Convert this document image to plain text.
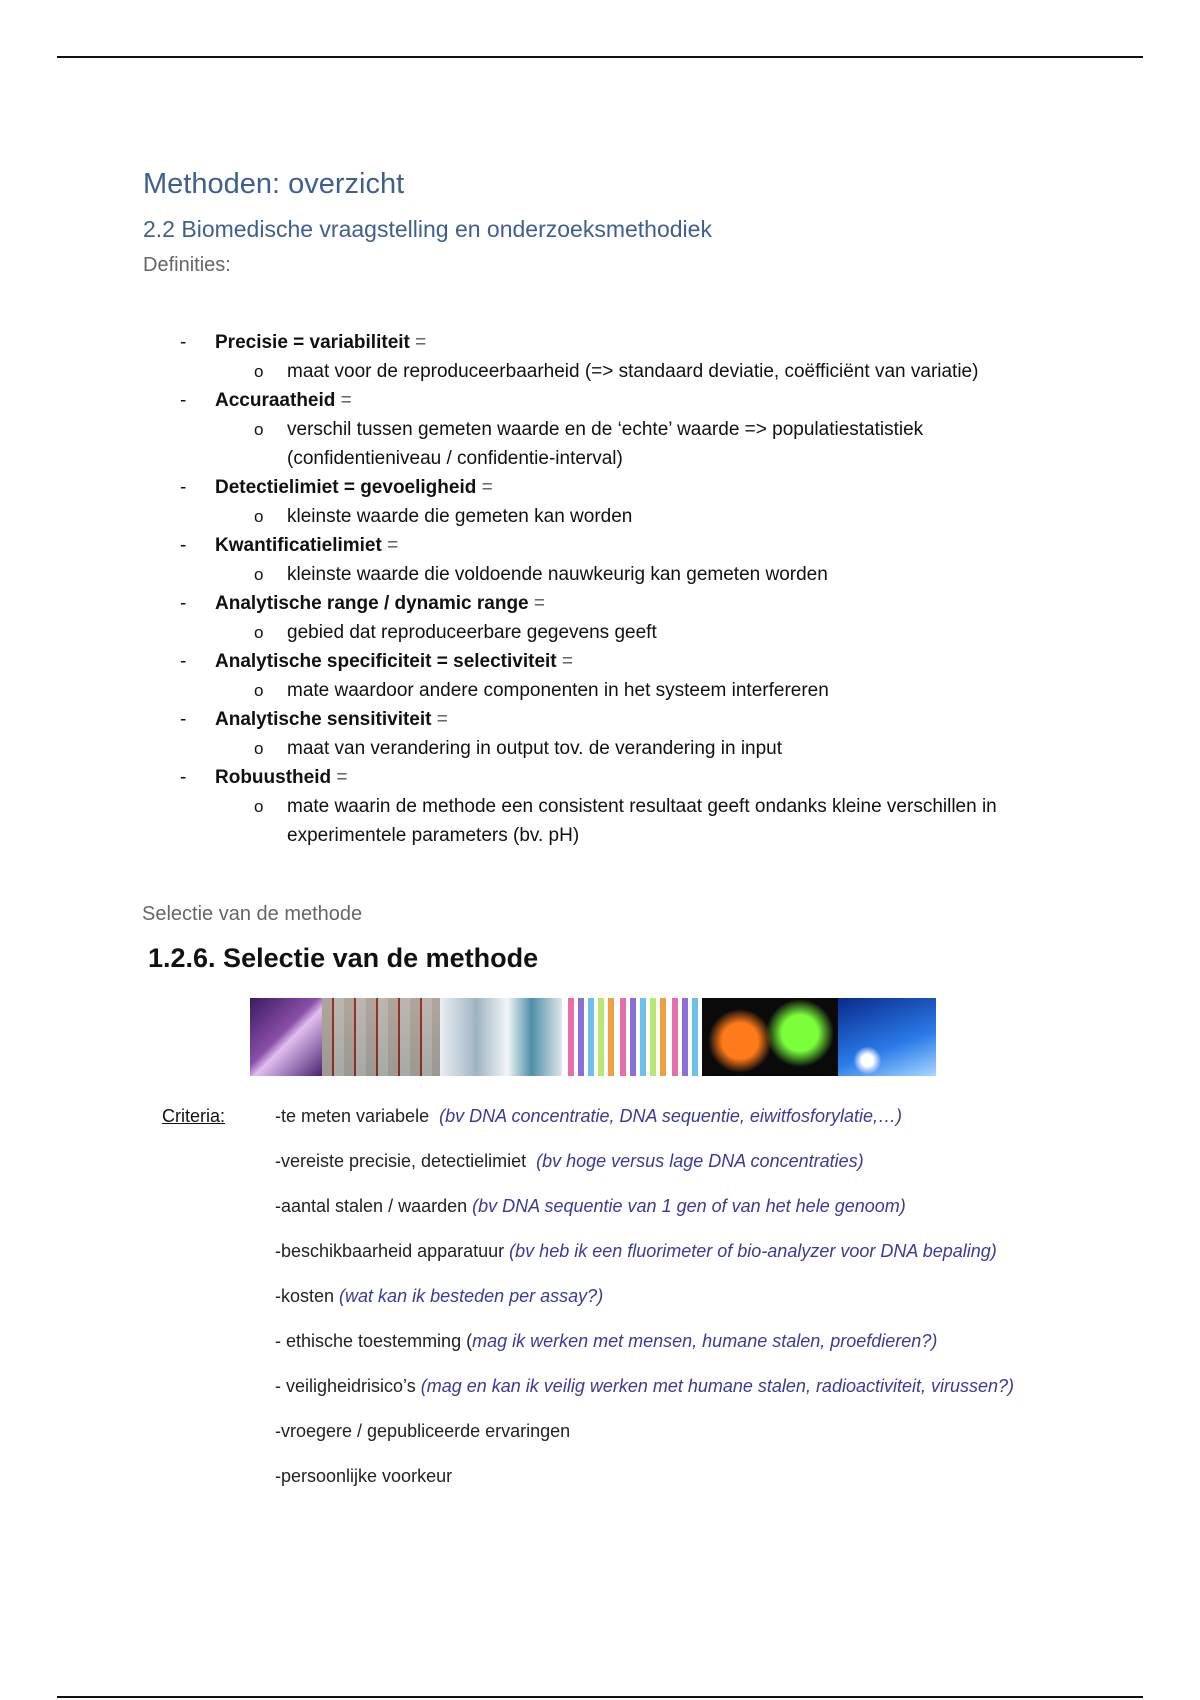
Methoden: overzicht
2.2 Biomedische vraagstelling en onderzoeksmethodiek
Definities:
- Precisie = variabiliteit =
o maat voor de reproduceerbaarheid (=> standaard deviatie, coëfficiënt van variatie)
- Accuraatheid =
o verschil tussen gemeten waarde en de ‘echte’ waarde => populatiestatistiek
(confidentieniveau / confidentie-interval)
- Detectielimiet = gevoeligheid =
o kleinste waarde die gemeten kan worden
- Kwantificatielimiet =
o kleinste waarde die voldoende nauwkeurig kan gemeten worden
- Analytische range / dynamic range =
o gebied dat reproduceerbare gegevens geeft
- Analytische specificiteit = selectiviteit =
o mate waardoor andere componenten in het systeem interfereren
- Analytische sensitiviteit =
o maat van verandering in output tov. de verandering in input
- Robuustheid =
o mate waarin de methode een consistent resultaat geeft ondanks kleine verschillen in
experimentele parameters (bv. pH)
Selectie van de methode
1.2.6. Selectie van de methode
Criteria:	-te meten variabele (bv DNA concentratie, DNA sequentie, eiwitfosforylatie,…)
-vereiste precisie, detectielimiet (bv hoge versus lage DNA concentraties)
-aantal stalen / waarden (bv DNA sequentie van 1 gen of van het hele genoom)
-beschikbaarheid apparatuur (bv heb ik een fluorimeter of bio-analyzer voor DNA bepaling)
-kosten (wat kan ik besteden per assay?)
- ethische toestemming (mag ik werken met mensen, humane stalen, proefdieren?)
- veiligheidrisico’s (mag en kan ik veilig werken met humane stalen, radioactiviteit, virussen?)
-vroegere / gepubliceerde ervaringen
-persoonlijke voorkeur
